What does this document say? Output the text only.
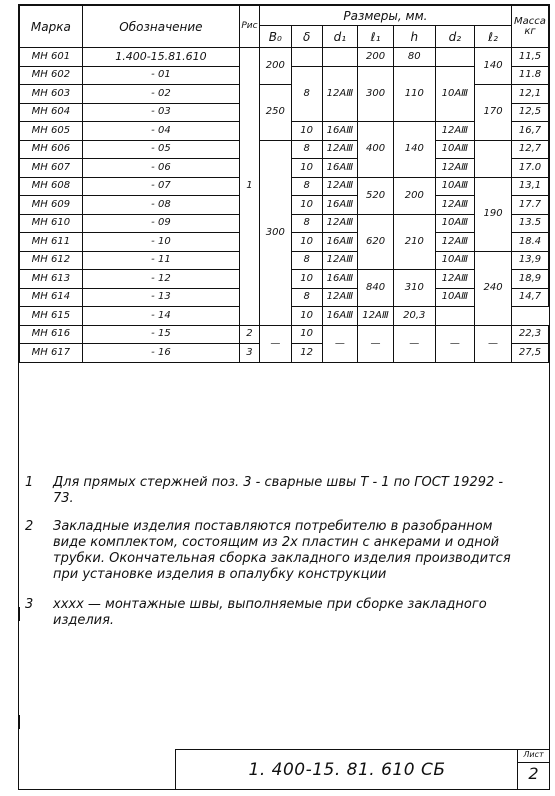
Марка	Обозначение	Рис	Размеры, мм.							Масса кг
			B₀	δ	d₁	ℓ₁	h	d₂	ℓ₂	
МН 601	1.400-15.81.610	1	200			200	80		140	11,5
МН 602	- 01			8	12AⅢ	300	110	10AⅢ		11.8
МН 603	- 02		250						170	12,1
МН 604	- 03									12,5
МН 605	- 04			10	16AⅢ	400	140	12AⅢ		16,7
МН 606	- 05		300	8	12AⅢ			10AⅢ		12,7
МН 607	- 06			10	16AⅢ			12AⅢ		17.0
МН 608	- 07			8	12AⅢ	520	200	10AⅢ	190	13,1
МН 609	- 08			10	16AⅢ			12AⅢ		17.7
МН 610	- 09			8	12AⅢ	620	210	10AⅢ		13.5
МН 611	- 10			10	16AⅢ			12AⅢ		18.4
МН 612	- 11			8	12AⅢ			10AⅢ	240	13,9
МН 613	- 12			10	16AⅢ	840	310	12AⅢ		18,9
МН 614	- 13			8	12AⅢ			10AⅢ		14,7
МН 615	- 14			10	16AⅢ	12AⅢ	20,3			
МН 616	- 15	2	—	10	—	—	—	—	—	22,3
МН 617	- 16	3		12						27,5
1 Для прямых стержней поз. 3 - сварные швы Т - 1 по ГОСТ 19292 - 73.
2 Закладные изделия поставляются потребителю в разобранном виде комплектом, состоящим из 2х пластин с анкерами и одной трубки. Окончательная сборка закладного изделия производится при установке изделия в опалубку конструкции
3 хххх — монтажные швы, выполняемые при сборке закладного изделия.
1. 400-15. 81. 610 СБ
Лист
2
